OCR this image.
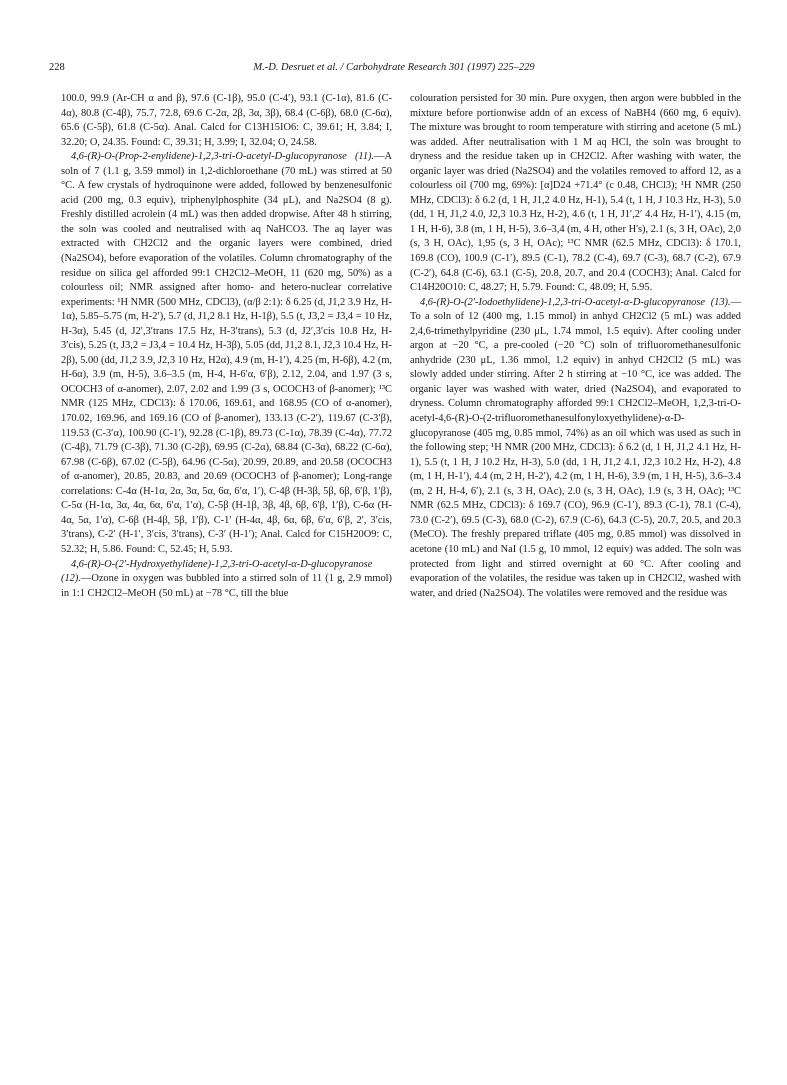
228	M.-D. Desruet et al. / Carbohydrate Research 301 (1997) 225–229

100.0, 99.9 (Ar-CH α and β), 97.6 (C-1β), 95.0 (C-4′), 93.1 (C-1α), 81.6 (C-4α), 80.8 (C-4β), 75.7, 72.8, 69.6 C-2α, 2β, 3α, 3β), 68.4 (C-6β), 68.0 (C-6α), 65.6 (C-5β), 61.8 (C-5α). Anal. Calcd for C13H15IO6: C, 39.61; H, 3.84; I, 32.20; O, 24.35. Found: C, 39.31; H, 3.99; I, 32.04; O, 24.58.

4,6-(R)-O-(Prop-2-enylidene)-1,2,3-tri-O-acetyl-D-glucopyranose (11).—A soln of 7 (1.1 g, 3.59 mmol) in 1,2-dichloroethane (70 mL) was stirred at 50 °C. A few crystals of hydroquinone were added, followed by benzenesulfonic acid (200 mg, 0.3 equiv), triphenylphosphite (34 μL), and Na2SO4 (8 g). Freshly distilled acrolein (4 mL) was then added dropwise. After 48 h stirring, the soln was cooled and neutralised with aq NaHCO3. The aq layer was extracted with CH2Cl2 and the organic layers were combined, dried (Na2SO4), before evaporation of the volatiles. Column chromatography of the residue on silica gel afforded 99:1 CH2Cl2–MeOH, 11 (620 mg, 50%) as a colourless oil; NMR assigned after homo- and hetero-nuclear correlative experiments: ¹H NMR (500 MHz, CDCl3), (α/β 2:1): δ 6.25 (d, J1,2 3.9 Hz, H-1α), 5.85–5.75 (m, H-2′), 5.7 (d, J1,2 8.1 Hz, H-1β), 5.5 (t, J3,2 = J3,4 = 10 Hz, H-3α), 5.45 (d, J2′,3′trans 17.5 Hz, H-3′trans), 5.3 (d, J2′,3′cis 10.8 Hz, H-3′cis), 5.25 (t, J3,2 = J3,4 = 10.4 Hz, H-3β), 5.05 (dd, J1,2 8.1, J2,3 10.4 Hz, H-2β), 5.00 (dd, J1,2 3.9, J2,3 10 Hz, H2α), 4.9 (m, H-1′), 4.25 (m, H-6β), 4.2 (m, H-6α), 3.9 (m, H-5), 3.6–3.5 (m, H-4, H-6′α, 6′β), 2.12, 2.04, and 1.97 (3 s, OCOCH3 of α-anomer), 2.07, 2.02 and 1.99 (3 s, OCOCH3 of β-anomer); ¹³C NMR (125 MHz, CDCl3): δ 170.06, 169.61, and 168.95 (CO of α-anomer), 170.02, 169.96, and 169.16 (CO of β-anomer), 133.13 (C-2′), 119.67 (C-3′β), 119.53 (C-3′α), 100.90 (C-1′), 92.28 (C-1β), 89.73 (C-1α), 78.39 (C-4α), 77.72 (C-4β), 71.79 (C-3β), 71.30 (C-2β), 69.95 (C-2α), 68.84 (C-3α), 68.22 (C-6α), 67.98 (C-6β), 67.02 (C-5β), 64.96 (C-5α), 20.99, 20.89, and 20.58 (OCOCH3 of α-anomer), 20.85, 20.83, and 20.69 (OCOCH3 of β-anomer); Long-range correlations: C-4α (H-1α, 2α, 3α, 5α, 6α, 6′α, 1′), C-4β (H-3β, 5β, 6β, 6′β, 1′β), C-5α (H-1α, 3α, 4α, 6α, 6′α, 1′α), C-5β (H-1β, 3β, 4β, 6β, 6′β, 1′β), C-6α (H-4α, 5α, 1′α), C-6β (H-4β, 5β, 1′β), C-1′ (H-4α, 4β, 6α, 6β, 6′α, 6′β, 2′, 3′cis, 3′trans), C-2′ (H-1′, 3′cis, 3′trans), C-3′ (H-1′); Anal. Calcd for C15H20O9: C, 52.32; H, 5.86. Found: C, 52.45; H, 5.93.

4,6-(R)-O-(2′-Hydroxyethylidene)-1,2,3-tri-O-acetyl-α-D-glucopyranose (12).—Ozone in oxygen was bubbled into a stirred soln of 11 (1 g, 2.9 mmol) in 1:1 CH2Cl2–MeOH (50 mL) at −78 °C, till the blue

colouration persisted for 30 min. Pure oxygen, then argon were bubbled in the mixture before portionwise addn of an excess of NaBH4 (660 mg, 6 equiv). The mixture was brought to room temperature with stirring and acetone (5 mL) was added. After neutralisation with 1 M aq HCl, the soln was brought to dryness and the residue taken up in CH2Cl2. After washing with water, the organic layer was dried (Na2SO4) and the volatiles removed to afford 12, as a colourless oil (700 mg, 69%): [α]D24 +71.4° (c 0.48, CHCl3); ¹H NMR (250 MHz, CDCl3): δ 6.2 (d, 1 H, J1,2 4.0 Hz, H-1), 5.4 (t, 1 H, J 10.3 Hz, H-3), 5.0 (dd, 1 H, J1,2 4.0, J2,3 10.3 Hz, H-2), 4.6 (t, 1 H, J1′,2′ 4.4 Hz, H-1′), 4.15 (m, 1 H, H-6), 3.8 (m, 1 H, H-5), 3.6–3,4 (m, 4 H, other H's), 2.1 (s, 3 H, OAc), 2,0 (s, 3 H, OAc), 1,95 (s, 3 H, OAc); ¹³C NMR (62.5 MHz, CDCl3): δ 170.1, 169.8 (CO), 100.9 (C-1′), 89.5 (C-1), 78.2 (C-4), 69.7 (C-3), 68.7 (C-2), 67.9 (C-2′), 64.8 (C-6), 63.1 (C-5), 20.8, 20.7, and 20.4 (COCH3); Anal. Calcd for C14H20O10: C, 48.27; H, 5.79. Found: C, 48.09; H, 5.95.

4,6-(R)-O-(2′-Iodoethylidene)-1,2,3-tri-O-acetyl-α-D-glucopyranose (13).—To a soln of 12 (400 mg, 1.15 mmol) in anhyd CH2Cl2 (5 mL) was added 2,4,6-trimethylpyridine (230 μL, 1.74 mmol, 1.5 equiv). After cooling under argon at −20 °C, a pre-cooled (−20 °C) soln of trifluoromethanesulfonic anhydride (230 μL, 1.36 mmol, 1.2 equiv) in anhyd CH2Cl2 (5 mL) was slowly added under stirring. After 2 h stirring at −10 °C, ice was added. The organic layer was washed with water, dried (Na2SO4), and evaporated to dryness. Column chromatography afforded 99:1 CH2Cl2–MeOH, 1,2,3-tri-O-acetyl-4,6-(R)-O-(2-trifluoromethanesulfonyloxyethylidene)-α-D- glucopyranose (405 mg, 0.85 mmol, 74%) as an oil which was used as such in the following step; ¹H NMR (200 MHz, CDCl3): δ 6.2 (d, 1 H, J1,2 4.1 Hz, H-1), 5.5 (t, 1 H, J 10.2 Hz, H-3), 5.0 (dd, 1 H, J1,2 4.1, J2,3 10.2 Hz, H-2), 4.8 (m, 1 H, H-1′), 4.4 (m, 2 H, H-2′), 4.2 (m, 1 H, H-6), 3.9 (m, 1 H, H-5), 3.6–3.4 (m, 2 H, H-4, 6′), 2.1 (s, 3 H, OAc), 2.0 (s, 3 H, OAc), 1.9 (s, 3 H, OAc); ¹³C NMR (62.5 MHz, CDCl3): δ 169.7 (CO), 96.9 (C-1′), 89.3 (C-1), 78.1 (C-4), 73.0 (C-2′), 69.5 (C-3), 68.0 (C-2), 67.9 (C-6), 64.3 (C-5), 20.7, 20.5, and 20.3 (MeCO). The freshly prepared triflate (405 mg, 0.85 mmol) was dissolved in acetone (10 mL) and NaI (1.5 g, 10 mmol, 12 equiv) was added. The soln was protected from light and stirred overnight at 60 °C. After cooling and evaporation of the volatiles, the residue was taken up in CH2Cl2, washed with water, and dried (Na2SO4). The volatiles were removed and the residue was
